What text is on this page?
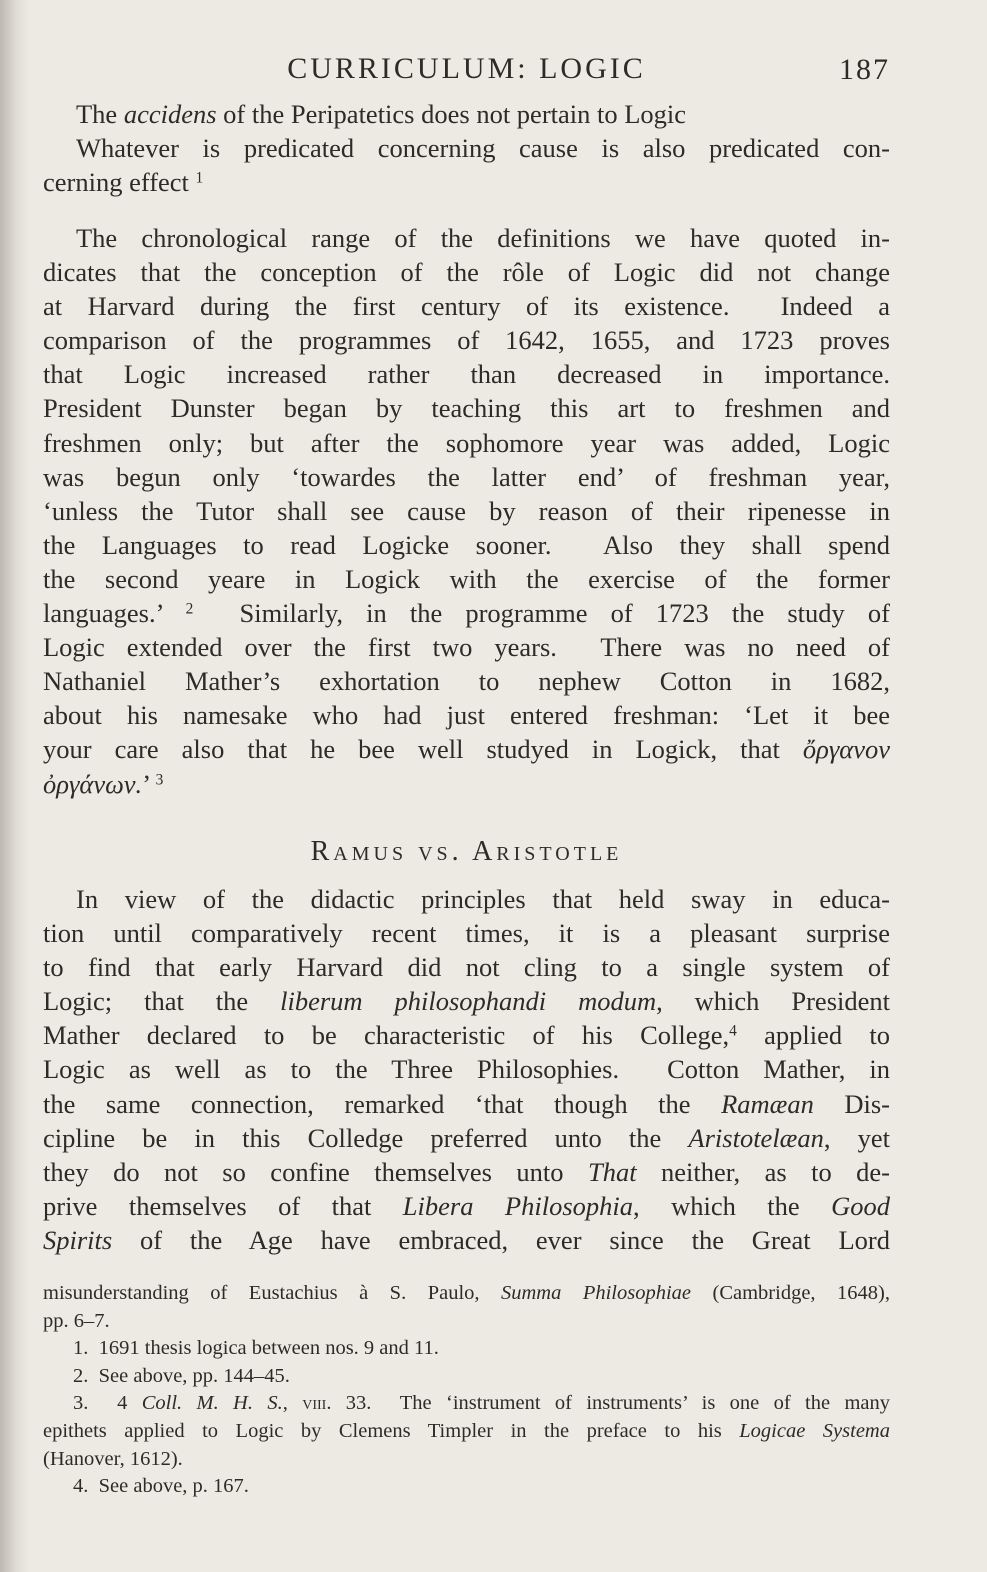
CURRICULUM: LOGIC	187
The accidens of the Peripatetics does not pertain to Logic
Whatever is predicated concerning cause is also predicated con-
cerning effect $^1$
The chronological range of the definitions we have quoted in-
dicates that the conception of the rôle of Logic did not change
at Harvard during the first century of its existence.  Indeed a
comparison of the programmes of 1642, 1655, and 1723 proves
that Logic increased rather than decreased in importance.
President Dunster began by teaching this art to freshmen and
freshmen only; but after the sophomore year was added, Logic
was begun only ‘towardes the latter end’ of freshman year,
‘unless the Tutor shall see cause by reason of their ripenesse in
the Languages to read Logicke sooner.  Also they shall spend
the second yeare in Logick with the exercise of the former
languages.’ $^2$  Similarly, in the programme of 1723 the study of
Logic extended over the first two years.  There was no need of
Nathaniel Mather’s exhortation to nephew Cotton in 1682,
about his namesake who had just entered freshman: ‘Let it bee
your care also that he bee well studyed in Logick, that ὄργανον
ὀργάνων.’ $^3$
Ramus vs. Aristotle
In view of the didactic principles that held sway in educa-
tion until comparatively recent times, it is a pleasant surprise
to find that early Harvard did not cling to a single system of
Logic; that the liberum philosophandi modum, which President
Mather declared to be characteristic of his College,$^4$ applied to
Logic as well as to the Three Philosophies.  Cotton Mather, in
the same connection, remarked ‘that though the Ramæan Dis-
cipline be in this Colledge preferred unto the Aristotelæan, yet
they do not so confine themselves unto That neither, as to de-
prive themselves of that Libera Philosophia, which the Good
Spirits of the Age have embraced, ever since the Great Lord
misunderstanding of Eustachius à S. Paulo, Summa Philosophiae (Cambridge, 1648),
pp. 6–7.
1.  1691 thesis logica between nos. 9 and 11.
2.  See above, pp. 144–45.
3.  4 Coll. M. H. S., viii. 33.  The ‘instrument of instruments’ is one of the many
epithets applied to Logic by Clemens Timpler in the preface to his Logicae Systema
(Hanover, 1612).
4.  See above, p. 167.
